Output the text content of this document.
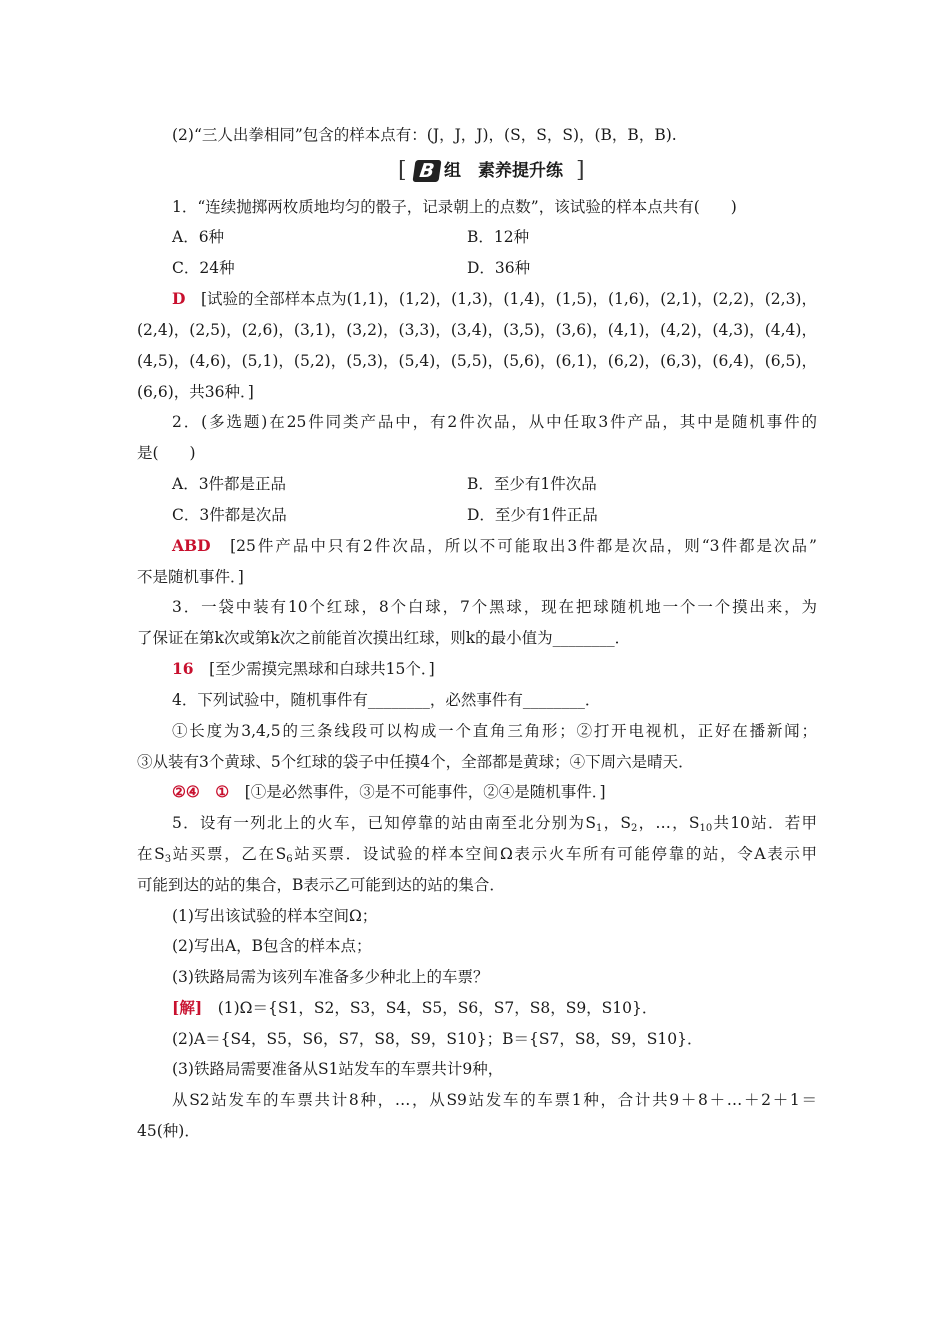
(2)“三人出拳相同”包含的样本点有：(J，J，J)，(S，S，S)，(B，B，B).
[ B 组　素养提升练 ]
1．“连续抛掷两枚质地均匀的骰子，记录朝上的点数”，该试验的样本点共有(　　)
A．6种	B．12种
C．24种	D．36种
D　 [试验的全部样本点为(1,1)，(1,2)，(1,3)，(1,4)，(1,5)，(1,6)，(2,1)，(2,2)，(2,3)，
(2,4)，(2,5)，(2,6)，(3,1)，(3,2)，(3,3)，(3,4)，(3,5)，(3,6)，(4,1)，(4,2)，(4,3)，(4,4)，
(4,5)，(4,6)，(5,1)，(5,2)，(5,3)，(5,4)，(5,5)，(5,6)，(6,1)，(6,2)，(6,3)，(6,4)，(6,5)，
(6,6)，共36种．]
2．(多选题)在25件同类产品中，有2件次品，从中任取3件产品，其中是随机事件的
是(　　)
A．3件都是正品	B．至少有1件次品
C．3件都是次品	D．至少有1件正品
ABD　 [25件产品中只有2件次品，所以不可能取出3件都是次品，则“3件都是次品”
不是随机事件．]
3．一袋中装有10个红球，8个白球，7个黑球，现在把球随机地一个一个摸出来，为
了保证在第k次或第k次之前能首次摸出红球，则k的最小值为________．
16　 [至少需摸完黑球和白球共15个．]
4．下列试验中，随机事件有________，必然事件有________．
①长度为3,4,5的三条线段可以构成一个直角三角形；②打开电视机，正好在播新闻；
③从装有3个黄球、5个红球的袋子中任摸4个，全部都是黄球；④下周六是晴天．
②④　①　 [①是必然事件，③是不可能事件，②④是随机事件．]
5．设有一列北上的火车，已知停靠的站由南至北分别为$S_1$，$S_2$，…，$S_{10}$共10站．若甲
在$S_3$站买票，乙在$S_6$站买票．设试验的样本空间Ω表示火车所有可能停靠的站，令A表示甲
可能到达的站的集合，B表示乙可能到达的站的集合．
(1)写出该试验的样本空间Ω；
(2)写出A，B包含的样本点；
(3)铁路局需为该列车准备多少种北上的车票？
[解]　 (1)Ω＝{S1，S2，S3，S4，S5，S6，S7，S8，S9，S10}．
(2)A＝{S4，S5，S6，S7，S8，S9，S10}；B＝{S7，S8，S9，S10}．
(3)铁路局需要准备从S1站发车的车票共计9种，
从S2站发车的车票共计8种，…，从S9站发车的车票1种，合计共9＋8＋…＋2＋1＝
45(种)．
